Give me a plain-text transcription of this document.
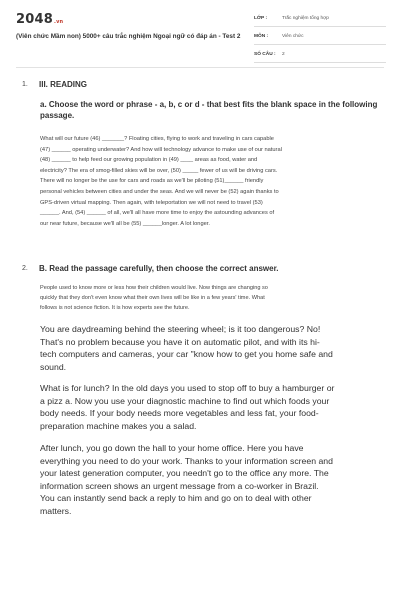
2048.vn
(Viên chức Mầm non) 5000+ câu trắc nghiệm Ngoại ngữ có đáp án - Test 2
LỚP :	Trắc nghiệm tổng hợp
MÔN :	Viên chức
SỐ CÂU : 2
1. III. READING
a. Choose the word or phrase - a, b, c or d - that best fits the blank space in the following passage.
What will our future (46) _______? Floating cities, flying to work and traveling in cars capable
(47) ______ operating underwater? And how will technology advance to make use of our natural
(48) ______ to help feed our growing population in (49) ____ areas as food, water and
electricity? The era of smog-filled skies will be over, (50) _____ fewer of us will be driving cars.
There will no longer be the use for cars and roads as we'll be piloting (51)______ friendly
personal vehicles between cities and under the seas. And we will never be (52) again thanks to
GPS-driven virtual mapping. Then again, with teleportation we will not need to travel (53)
______. And, (54) ______ of all, we'll all have more time to enjoy the astounding advances of
our near future, because we'll all be (55) ______longer. A lot longer.
2. B. Read the passage carefully, then choose the correct answer.
People used to know more or less how their children would live. Now things are changing so
quickly that they don't even know what their own lives will be like in a few years' time. What
follows is not science fiction. It is how experts see the future.
You are daydreaming behind the steering wheel; is it too dangerous? No!
That's no problem because you have it on automatic pilot, and with its hi-
tech computers and cameras, your car "know how to get you home safe and
sound.
What is for lunch? In the old days you used to stop off to buy a hamburger or
a pizz a. Now you use your diagnostic machine to find out which foods your
body needs. If your body needs more vegetables and less fat, your food-
preparation machine makes you a salad.
After lunch, you go down the hall to your home office. Here you have
everything you need to do your work. Thanks to your information screen and
your latest generation computer, you needn't go to the office any more. The
information screen shows an urgent message from a co-worker in Brazil.
You can instantly send back a reply to him and go on to deal with other
matters.
